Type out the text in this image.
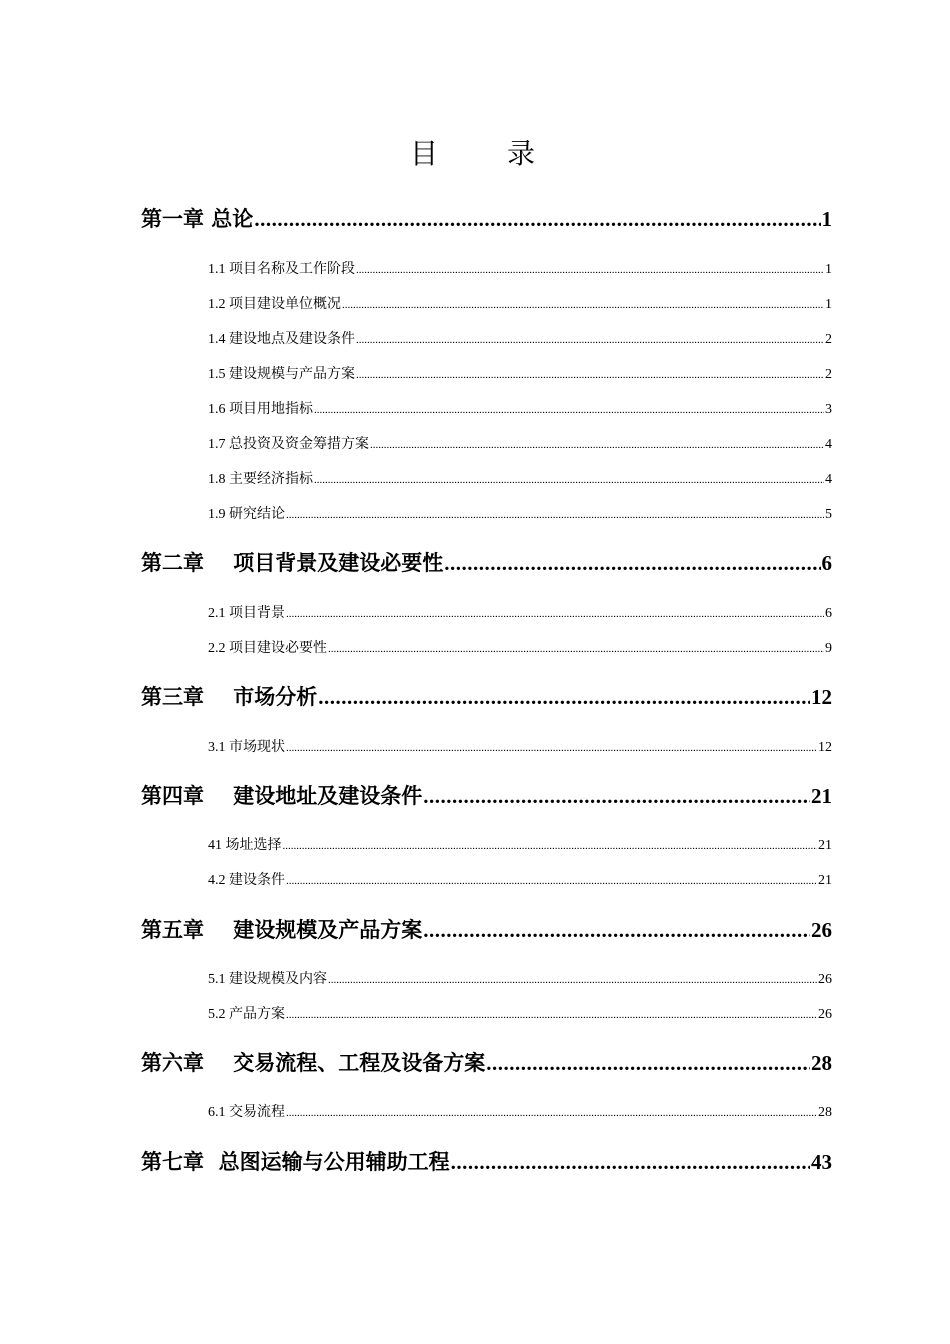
目 录
第一章 总论 .....	1
1.1 项目名称及工作阶段 .....	1
1.2 项目建设单位概况 .....	1
1.4 建设地点及建设条件 .....	2
1.5 建设规模与产品方案 .....	2
1.6 项目用地指标 .....	3
1.7 总投资及资金筹措方案 .....	4
1.8 主要经济指标 .....	4
1.9 研究结论 .....	5
第二章    项目背景及建设必要性 .....	6
2.1 项目背景 .....	6
2.2 项目建设必要性 .....	9
第三章    市场分析 .....	12
3.1 市场现状 .....	12
第四章    建设地址及建设条件 .....	21
41 场址选择 .....	21
4.2 建设条件 .....	21
第五章    建设规模及产品方案 .....	26
5.1 建设规模及内容 .....	26
5.2 产品方案 .....	26
第六章    交易流程、工程及设备方案 .....	28
6.1 交易流程 .....	28
第七章  总图运输与公用辅助工程 .....	43
